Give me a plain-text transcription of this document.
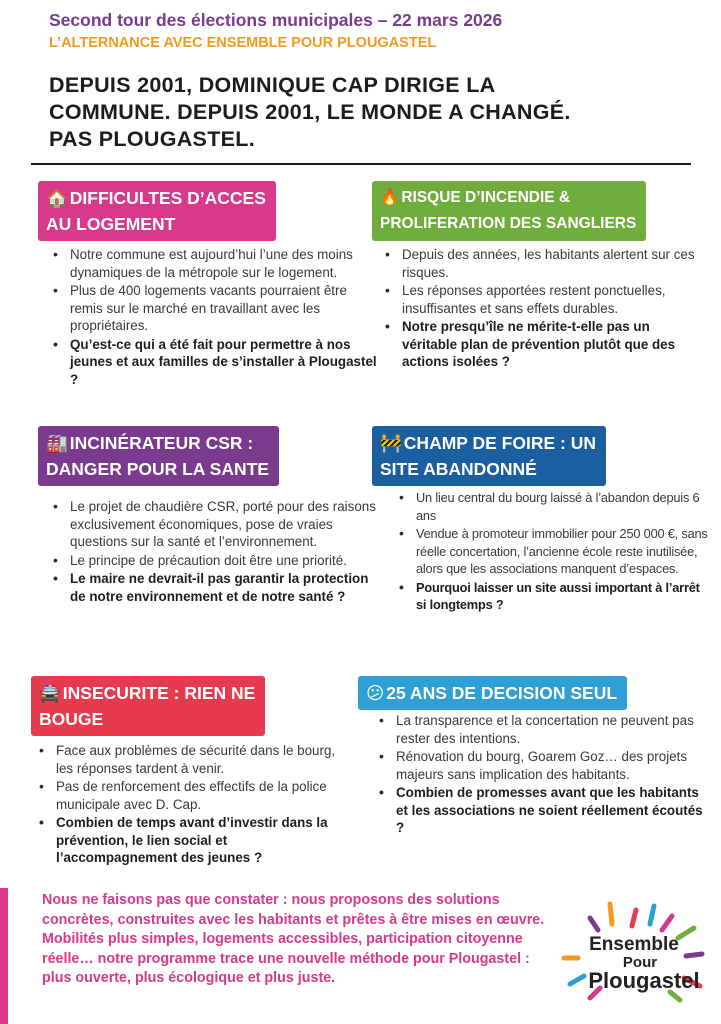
Second tour des élections municipales – 22 mars 2026
L’ALTERNANCE AVEC ENSEMBLE POUR PLOUGASTEL
DEPUIS 2001, DOMINIQUE CAP DIRIGE LA
COMMUNE. DEPUIS 2001, LE MONDE A CHANGÉ.
PAS PLOUGASTEL.
🏠 DIFFICULTES D’ACCES
AU LOGEMENT
• Notre commune est aujourd’hui l’une des moins dynamiques de la métropole sur le logement.
• Plus de 400 logements vacants pourraient être remis sur le marché en travaillant avec les propriétaires.
• Qu’est-ce qui a été fait pour permettre à nos jeunes et aux familles de s’installer à Plougastel ?
🔥 RISQUE D’INCENDIE &
PROLIFERATION DES SANGLIERS
• Depuis des années, les habitants alertent sur ces risques.
• Les réponses apportées restent ponctuelles, insuffisantes et sans effets durables.
• Notre presqu’île ne mérite-t-elle pas un véritable plan de prévention plutôt que des actions isolées ?
🏭 INCINÉRATEUR CSR :
DANGER POUR LA SANTE
• Le projet de chaudière CSR, porté pour des raisons exclusivement économiques, pose de vraies questions sur la santé et l’environnement.
• Le principe de précaution doit être une priorité.
• Le maire ne devrait-il pas garantir la protection de notre environnement et de notre santé ?
🚧 CHAMP DE FOIRE : UN
SITE ABANDONNÉ
• Un lieu central du bourg laissé à l’abandon depuis 6 ans
• Vendue à promoteur immobilier pour 250 000 €, sans réelle concertation, l’ancienne école reste inutilisée, alors que les associations manquent d’espaces.
• Pourquoi laisser un site aussi important à l’arrêt si longtemps ?
🚔 INSECURITE : RIEN NE
BOUGE
• Face aux problèmes de sécurité dans le bourg, les réponses tardent à venir.
• Pas de renforcement des effectifs de la police municipale avec D. Cap.
• Combien de temps avant d’investir dans la prévention, le lien social et l’accompagnement des jeunes ?
😕 25 ANS DE DECISION SEUL
• La transparence et la concertation ne peuvent pas rester des intentions.
• Rénovation du bourg, Goarem Goz… des projets majeurs sans implication des habitants.
• Combien de promesses avant que les habitants et les associations ne soient réellement écoutés ?
Nous ne faisons pas que constater : nous proposons des solutions concrètes, construites avec les habitants et prêtes à être mises en œuvre. Mobilités plus simples, logements accessibles, participation citoyenne réelle… notre programme trace une nouvelle méthode pour Plougastel : plus ouverte, plus écologique et plus juste.
Ensemble
Pour
Plougastel
